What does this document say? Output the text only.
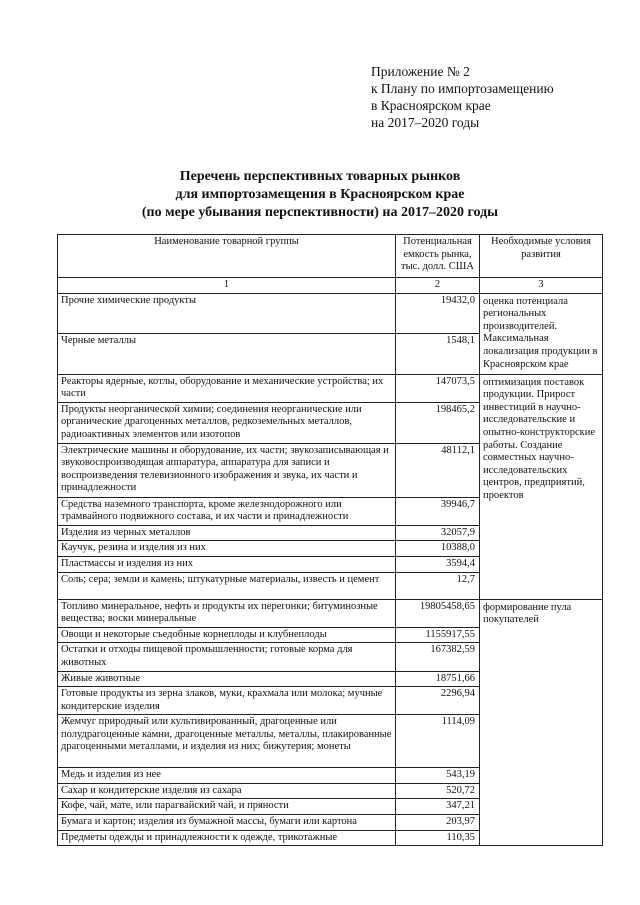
Приложение № 2
к Плану по импортозамещению
в Красноярском крае
на 2017–2020 годы
Перечень перспективных товарных рынков
для импортозамещения в Красноярском крае
(по мере убывания перспективности) на 2017–2020 годы
Наименование товарной группы	Потенциальная емкость рынка, тыс. долл. США	Необходимые условия развития
1	2	3
Прочие химические продукты	19432,0	оценка потенциала региональных производителей. Максимальная локализация продукции в Красноярском крае
Черные металлы	1548,1	
Реакторы ядерные, котлы, оборудование и механические устройства; их части	147073,5	оптимизация поставок продукции. Прирост инвестиций в научно-исследовательские и опытно-конструкторские работы. Создание совместных научно-исследовательских центров, предприятий, проектов
Продукты неорганической химии; соединения неорганические или органические драгоценных металлов, редкоземельных металлов, радиоактивных элементов или изотопов	198465,2	
Электрические машины и оборудование, их части; звукозаписывающая и звуковоспроизводящая аппаратура, аппаратура для записи и воспроизведения телевизионного изображения и звука, их части и принадлежности	48112,1	
Средства наземного транспорта, кроме железнодорожного или трамвайного подвижного состава, и их части и принадлежности	39946,7	
Изделия из черных металлов	32057,9	
Каучук, резина и изделия из них	10388,0	
Пластмассы и изделия из них	3594,4	
Соль; сера; земли и камень; штукатурные материалы, известь и цемент	12,7	
Топливо минеральное, нефть и продукты их перегонки; битуминозные вещества; воски минеральные	19805458,65	формирование пула покупателей
Овощи и некоторые съедобные корнеплоды и клубнеплоды	1155917,55	
Остатки и отходы пищевой промышленности; готовые корма для животных	167382,59	
Живые животные	18751,66	
Готовые продукты из зерна злаков, муки, крахмала или молока; мучные кондитерские изделия	2296,94	
Жемчуг природный или культивированный, драгоценные или полудрагоценные камни, драгоценные металлы, металлы, плакированные драгоценными металлами, и изделия из них; бижутерия; монеты	1114,09	
Медь и изделия из нее	543,19	
Сахар и кондитерские изделия из сахара	520,72	
Кофе, чай, мате, или парагвайский чай, и пряности	347,21	
Бумага и картон; изделия из бумажной массы, бумаги или картона	203,97	
Предметы одежды и принадлежности к одежде, трикотажные	110,35	
